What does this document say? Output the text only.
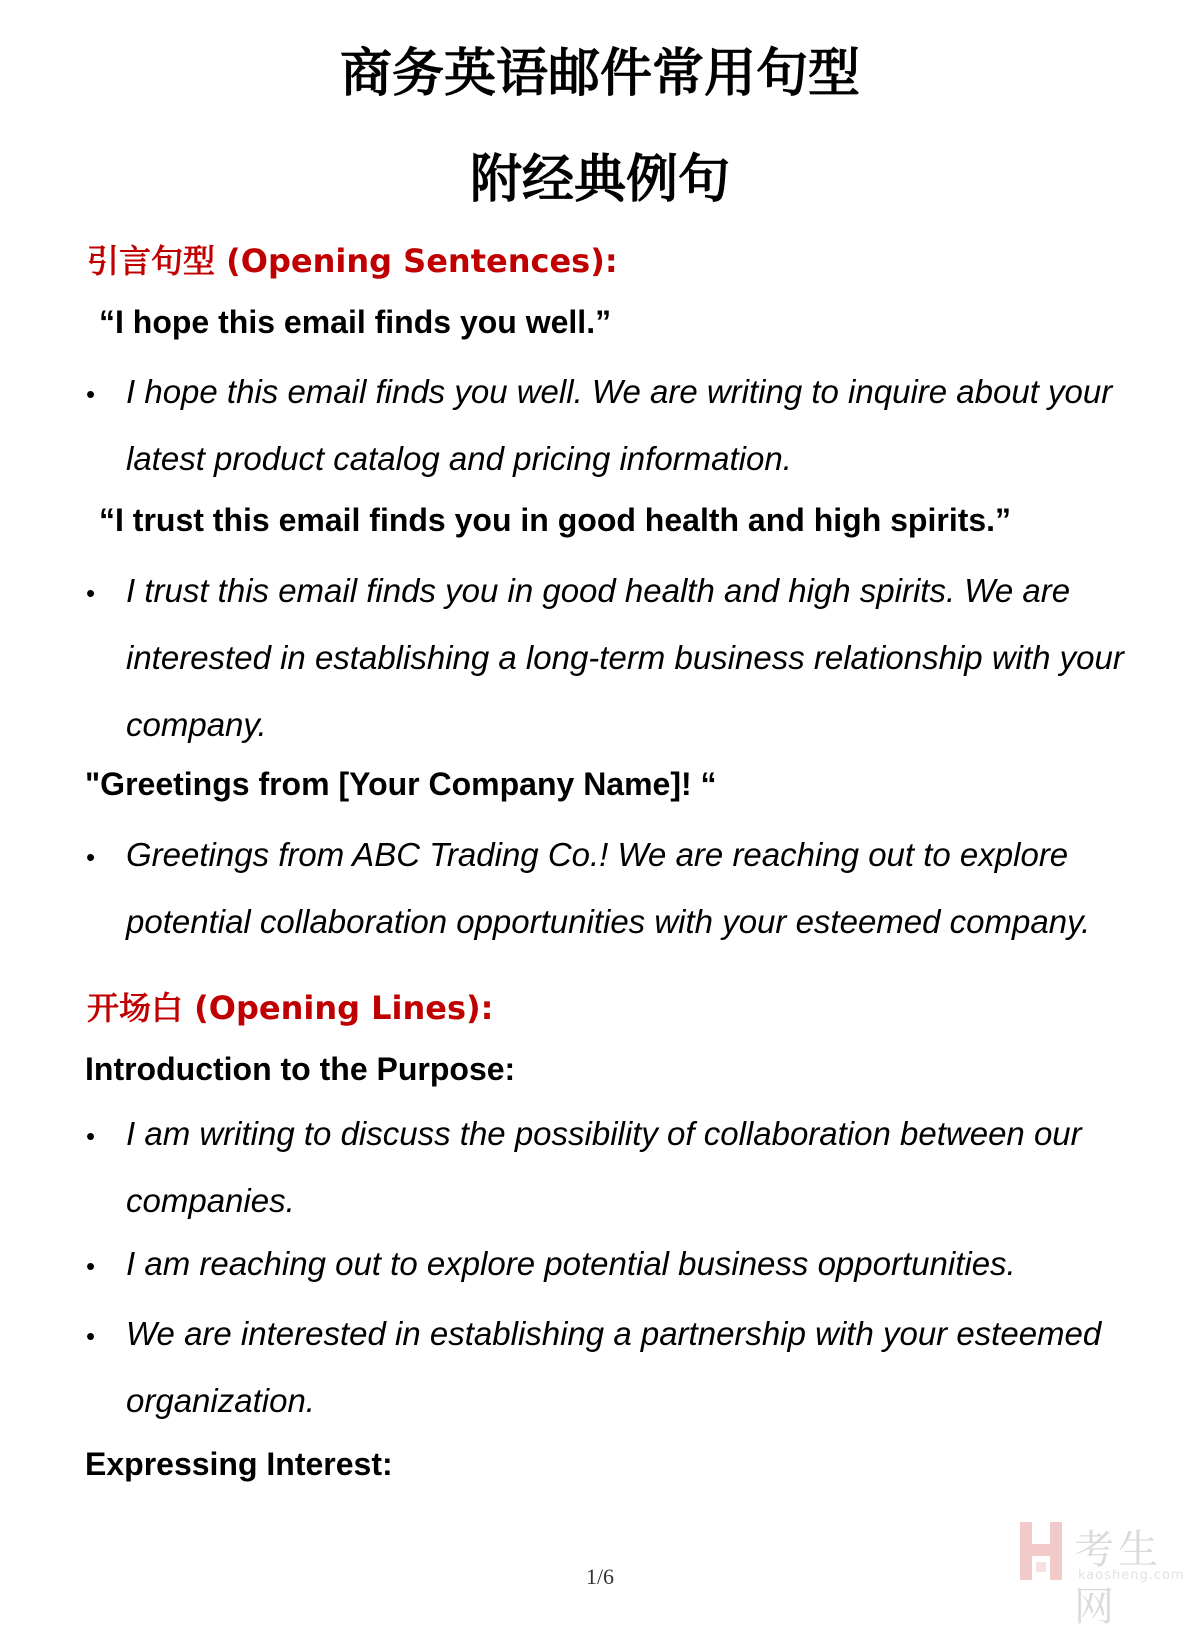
商务英语邮件常用句型
附经典例句
引言句型 (Opening Sentences):
“I hope this email finds you well.”
• I hope this email finds you well. We are writing to inquire about your latest product catalog and pricing information.
“I trust this email finds you in good health and high spirits.”
• I trust this email finds you in good health and high spirits. We are interested in establishing a long-term business relationship with your company.
"Greetings from [Your Company Name]! “
• Greetings from ABC Trading Co.! We are reaching out to explore potential collaboration opportunities with your esteemed company.
开场白 (Opening Lines):
Introduction to the Purpose:
• I am writing to discuss the possibility of collaboration between our companies.
• I am reaching out to explore potential business opportunities.
• We are interested in establishing a partnership with your esteemed organization.
Expressing Interest:
1/6
考生网
kaosheng.com
